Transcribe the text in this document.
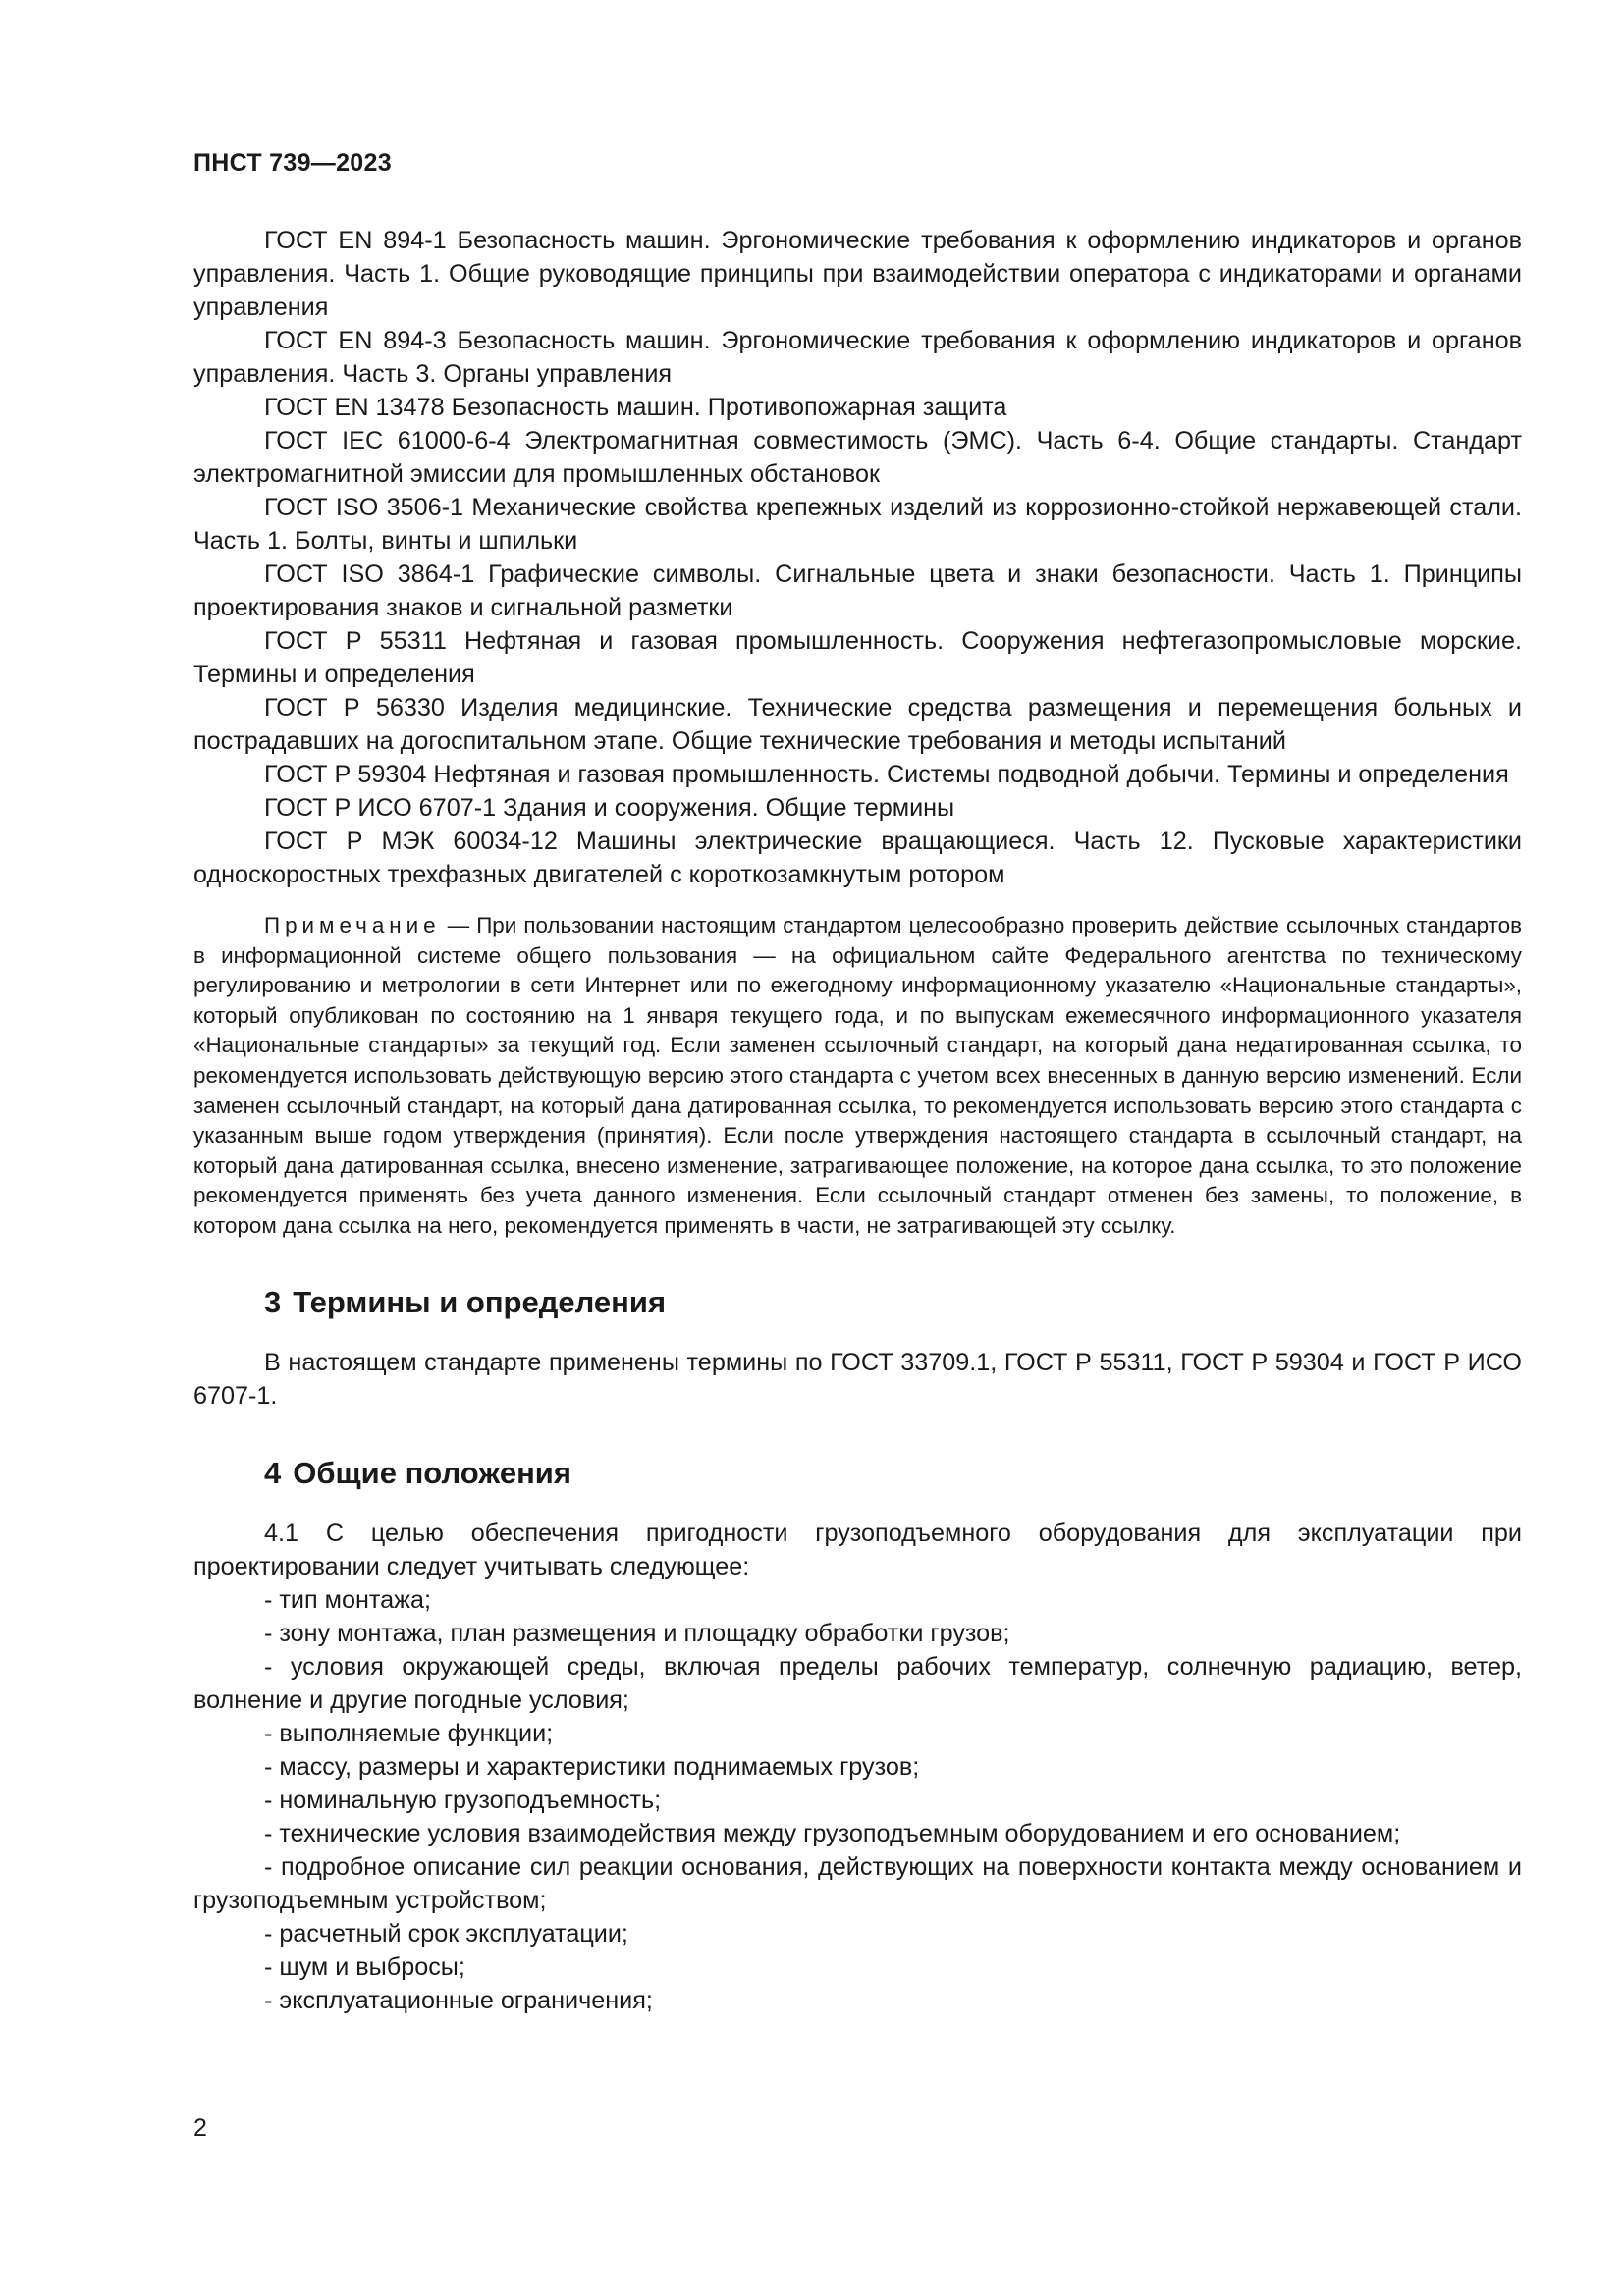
ПНСТ 739—2023

ГОСТ EN 894-1 Безопасность машин. Эргономические требования к оформлению индикаторов и органов управления. Часть 1. Общие руководящие принципы при взаимодействии оператора с индикаторами и органами управления

ГОСТ EN 894-3 Безопасность машин. Эргономические требования к оформлению индикаторов и органов управления. Часть 3. Органы управления

ГОСТ EN 13478 Безопасность машин. Противопожарная защита

ГОСТ IEC 61000-6-4 Электромагнитная совместимость (ЭМС). Часть 6-4. Общие стандарты. Стандарт электромагнитной эмиссии для промышленных обстановок

ГОСТ ISO 3506-1 Механические свойства крепежных изделий из коррозионно-стойкой нержавеющей стали. Часть 1. Болты, винты и шпильки

ГОСТ ISO 3864-1 Графические символы. Сигнальные цвета и знаки безопасности. Часть 1. Принципы проектирования знаков и сигнальной разметки

ГОСТ Р 55311 Нефтяная и газовая промышленность. Сооружения нефтегазопромысловые морские. Термины и определения

ГОСТ Р 56330 Изделия медицинские. Технические средства размещения и перемещения больных и пострадавших на догоспитальном этапе. Общие технические требования и методы испытаний

ГОСТ Р 59304 Нефтяная и газовая промышленность. Системы подводной добычи. Термины и определения

ГОСТ Р ИСО 6707-1 Здания и сооружения. Общие термины

ГОСТ Р МЭК 60034-12 Машины электрические вращающиеся. Часть 12. Пусковые характеристики односкоростных трехфазных двигателей с короткозамкнутым ротором

Примечание — При пользовании настоящим стандартом целесообразно проверить действие ссылочных стандартов в информационной системе общего пользования — на официальном сайте Федерального агентства по техническому регулированию и метрологии в сети Интернет или по ежегодному информационному указателю «Национальные стандарты», который опубликован по состоянию на 1 января текущего года, и по выпускам ежемесячного информационного указателя «Национальные стандарты» за текущий год. Если заменен ссылочный стандарт, на который дана недатированная ссылка, то рекомендуется использовать действующую версию этого стандарта с учетом всех внесенных в данную версию изменений. Если заменен ссылочный стандарт, на который дана датированная ссылка, то рекомендуется использовать версию этого стандарта с указанным выше годом утверждения (принятия). Если после утверждения настоящего стандарта в ссылочный стандарт, на который дана датированная ссылка, внесено изменение, затрагивающее положение, на которое дана ссылка, то это положение рекомендуется применять без учета данного изменения. Если ссылочный стандарт отменен без замены, то положение, в котором дана ссылка на него, рекомендуется применять в части, не затрагивающей эту ссылку.
3 Термины и определения

В настоящем стандарте применены термины по ГОСТ 33709.1, ГОСТ Р 55311, ГОСТ Р 59304 и ГОСТ Р ИСО 6707-1.

4 Общие положения

4.1 С целью обеспечения пригодности грузоподъемного оборудования для эксплуатации при проектировании следует учитывать следующее:

- тип монтажа;

- зону монтажа, план размещения и площадку обработки грузов;

- условия окружающей среды, включая пределы рабочих температур, солнечную радиацию, ветер, волнение и другие погодные условия;

- выполняемые функции;

- массу, размеры и характеристики поднимаемых грузов;

- номинальную грузоподъемность;

- технические условия взаимодействия между грузоподъемным оборудованием и его основанием;

- подробное описание сил реакции основания, действующих на поверхности контакта между основанием и грузоподъемным устройством;

- расчетный срок эксплуатации;

- шум и выбросы;

- эксплуатационные ограничения;

2
